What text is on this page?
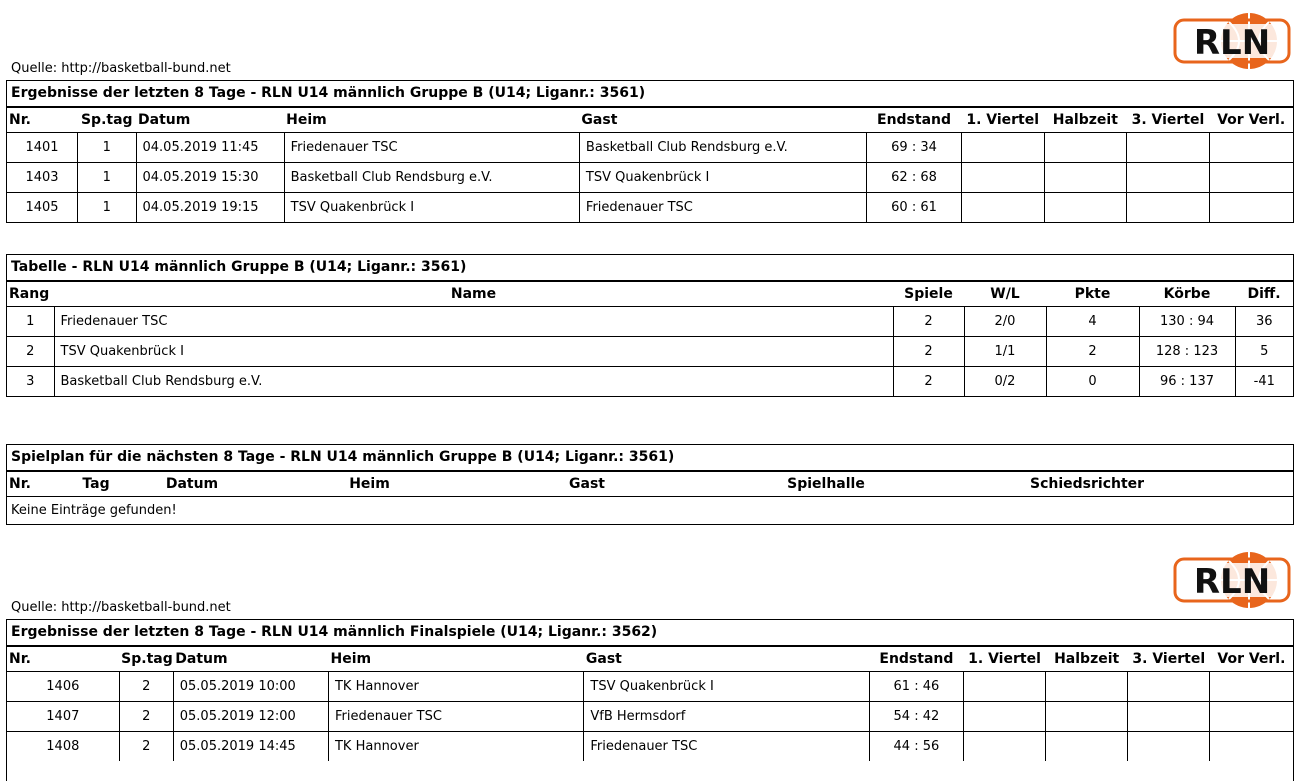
RLN
Quelle: http://basketball-bund.net
Ergebnisse der letzten 8 Tage - RLN U14 männlich Gruppe B (U14; Liganr.: 3561)
Nr.	Sp.tag	Datum	Heim	Gast	Endstand	1. Viertel	Halbzeit	3. Viertel	Vor Verl.
1401	1	04.05.2019 11:45	Friedenauer TSC	Basketball Club Rendsburg e.V.	69 : 34				
1403	1	04.05.2019 15:30	Basketball Club Rendsburg e.V.	TSV Quakenbrück I	62 : 68				
1405	1	04.05.2019 19:15	TSV Quakenbrück I	Friedenauer TSC	60 : 61				
Tabelle - RLN U14 männlich Gruppe B (U14; Liganr.: 3561)
Rang	Name	Spiele	W/L	Pkte	Körbe	Diff.
1	Friedenauer TSC	2	2/0	4	130 : 94	36
2	TSV Quakenbrück I	2	1/1	2	128 : 123	5
3	Basketball Club Rendsburg e.V.	2	0/2	0	96 : 137	-41
Spielplan für die nächsten 8 Tage - RLN U14 männlich Gruppe B (U14; Liganr.: 3561)
Nr.	Tag	Datum	Heim	Gast	Spielhalle	Schiedsrichter
Keine Einträge gefunden!
RLN
Quelle: http://basketball-bund.net
Ergebnisse der letzten 8 Tage - RLN U14 männlich Finalspiele (U14; Liganr.: 3562)
Nr.	Sp.tag	Datum	Heim	Gast	Endstand	1. Viertel	Halbzeit	3. Viertel	Vor Verl.
1406	2	05.05.2019 10:00	TK Hannover	TSV Quakenbrück I	61 : 46				
1407	2	05.05.2019 12:00	Friedenauer TSC	VfB Hermsdorf	54 : 42				
1408	2	05.05.2019 14:45	TK Hannover	Friedenauer TSC	44 : 56				
